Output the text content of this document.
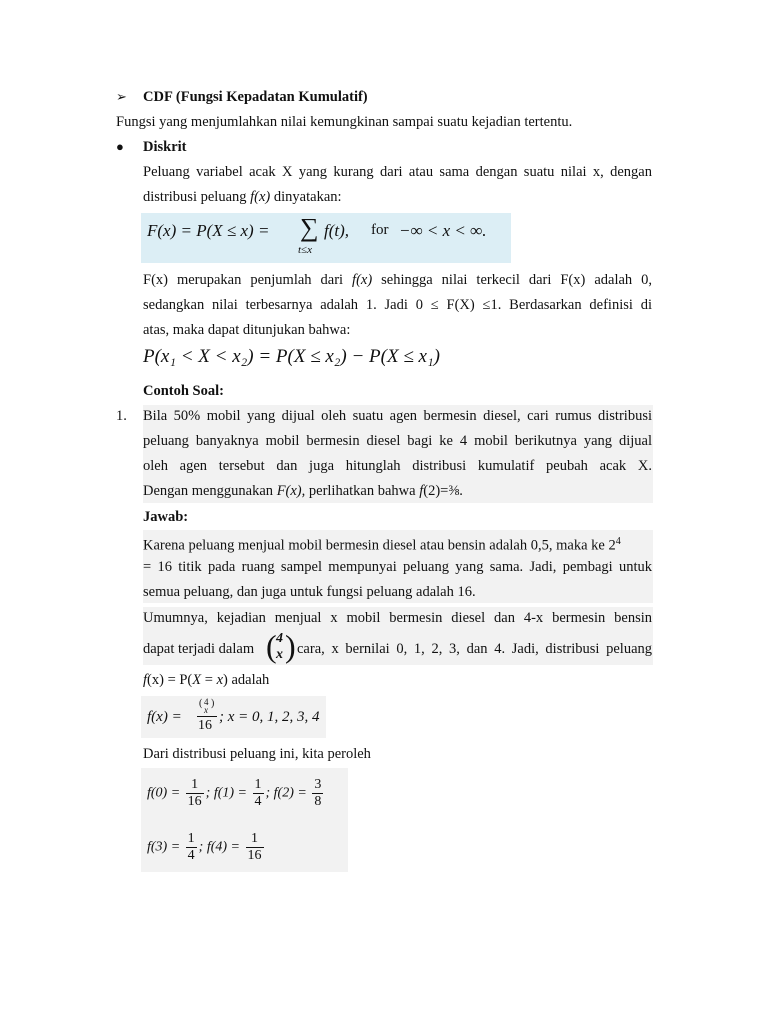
➢ CDF (Fungsi Kepadatan Kumulatif)
Fungsi yang menjumlahkan nilai kemungkinan sampai suatu kejadian tertentu.
● Diskrit
Peluang variabel acak X yang kurang dari atau sama dengan suatu nilai x, dengan
distribusi peluang f(x) dinyatakan:
F(x) = P(X ≤ x) = ∑
t≤x
f(t), for −∞ < x < ∞.
F(x) merupakan penjumlah dari f(x) sehingga nilai terkecil dari F(x) adalah 0,
sedangkan nilai terbesarnya adalah 1. Jadi 0 ≤ F(X) ≤1. Berdasarkan definisi di
atas, maka dapat ditunjukan bahwa:
P(x₁ < X < x₂) = P(X ≤ x₂) − P(X ≤ x₁)
Contoh Soal:
1. Bila 50% mobil yang dijual oleh suatu agen bermesin diesel, cari rumus distribusi
peluang banyaknya mobil bermesin diesel bagi ke 4 mobil berikutnya yang dijual
oleh agen tersebut dan juga hitunglah distribusi kumulatif peubah acak X.
Dengan menggunakan F(x), perlihatkan bahwa f(2)=⅜.
Jawab:
Karena peluang menjual mobil bermesin diesel atau bensin adalah 0,5, maka ke $2^4$
= 16 titik pada ruang sampel mempunyai peluang yang sama. Jadi, pembagi untuk
semua peluang, dan juga untuk fungsi peluang adalah 16.
Umumnya, kejadian menjual x mobil bermesin diesel dan 4-x bermesin bensin
dapat terjadi dalam ( 4
x ) cara, x bernilai 0, 1, 2, 3, dan 4. Jadi, distribusi peluang
f(x) = P(X = x) adalah
f(x) =
( 4
x
)
16
; x = 0, 1, 2, 3, 4
Dari distribusi peluang ini, kita peroleh
$f(0) = \frac{1}{16}$ ; $f(1) = \frac{1}{4}$ ; $f(2) = \frac{3}{8}$
$f(3) = \frac{1}{4}$ ; $f(4) = \frac{1}{16}$
